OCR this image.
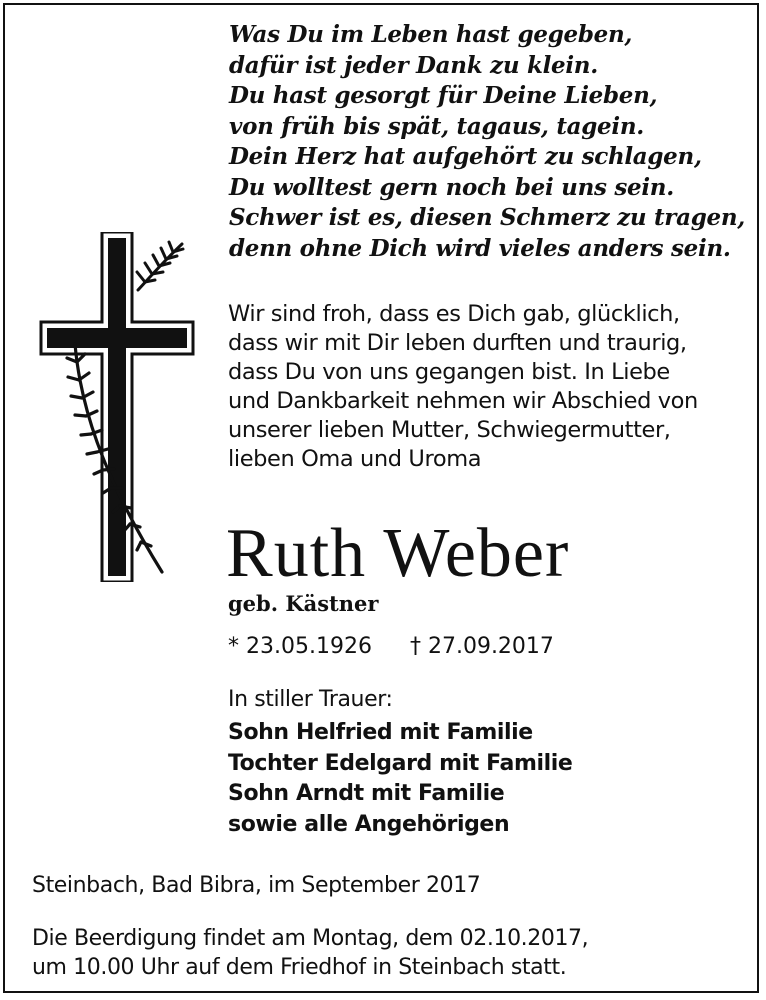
Was Du im Leben hast gegeben,
dafür ist jeder Dank zu klein.
Du hast gesorgt für Deine Lieben,
von früh bis spät, tagaus, tagein.
Dein Herz hat aufgehört zu schlagen,
Du wolltest gern noch bei uns sein.
Schwer ist es, diesen Schmerz zu tragen,
denn ohne Dich wird vieles anders sein.
Wir sind froh, dass es Dich gab, glücklich,
dass wir mit Dir leben durften und traurig,
dass Du von uns gegangen bist. In Liebe
und Dankbarkeit nehmen wir Abschied von
unserer lieben Mutter, Schwiegermutter,
lieben Oma und Uroma
Ruth Weber

geb. Kästner

* 23.05.1926 † 27.09.2017

In stiller Trauer:

Sohn Helfried mit Familie
Tochter Edelgard mit Familie
Sohn Arndt mit Familie
sowie alle Angehörigen

Steinbach, Bad Bibra, im September 2017

Die Beerdigung findet am Montag, dem 02.10.2017,
um 10.00 Uhr auf dem Friedhof in Steinbach statt.
